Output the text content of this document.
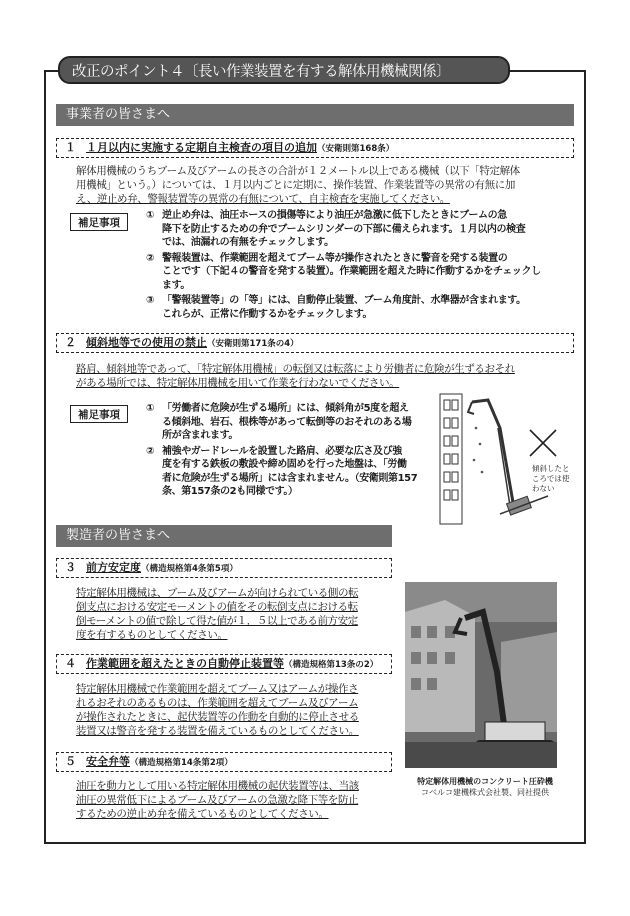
改正のポイント４〔長い作業装置を有する解体用機械関係〕
事業者の皆さまへ
１ １月以内に実施する定期自主検査の項目の追加（安衛則第168条）
解体用機械のうちブーム及びアームの長さの合計が１２メートル以上である機械（以下「特定解体
用機械」という。）については、１月以内ごとに定期に、操作装置、作業装置等の異常の有無に加
え、逆止め弁、警報装置等の異常の有無について、自主検査を実施してください。
補足事項
① 逆止め弁は、油圧ホースの損傷等により油圧が急激に低下したときにブームの急
降下を防止するための弁でブームシリンダーの下部に備えられます。１月以内の検査
では、油漏れの有無をチェックします。
② 警報装置は、作業範囲を超えてブーム等が操作されたときに警音を発する装置の
ことです（下記４の警音を発する装置）。作業範囲を超えた時に作動するかをチェックし
ます。
③ 「警報装置等」の「等」には、自動停止装置、ブーム角度計、水準器が含まれます。
これらが、正常に作動するかをチェックします。
２ 傾斜地等での使用の禁止（安衛則第171条の4）
路肩、傾斜地等であって、「特定解体用機械」の転倒又は転落により労働者に危険が生ずるおそれ
がある場所では、特定解体用機械を用いて作業を行わないでください。
補足事項
① 「労働者に危険が生ずる場所」には、傾斜角が5度を超え
る傾斜地、岩石、根株等があって転倒等のおそれのある場
所が含まれます。
② 補強やガードレールを設置した路肩、必要な広さ及び強
度を有する鉄板の敷設や締め固めを行った地盤は、「労働
者に危険が生ずる場所」には含まれません。（安衛則第157
条、第157条の2も同様です。）
傾斜したと
ころでは使
わない
製造者の皆さまへ
３ 前方安定度（構造規格第4条第5項）
特定解体用機械は、ブーム及びアームが向けられている側の転
倒支点における安定モーメントの値をその転倒支点における転
倒モーメントの値で除して得た値が１．５以上である前方安定
度を有するものとしてください。
４ 作業範囲を超えたときの自動停止装置等（構造規格第13条の2）
特定解体用機械で作業範囲を超えてブーム又はアームが操作さ
れるおそれのあるものは、作業範囲を超えてブーム及びアーム
が操作されたときに、起伏装置等の作動を自動的に停止させる
装置又は警音を発する装置を備えているものとしてください。
５ 安全弁等（構造規格第14条第2項）
油圧を動力として用いる特定解体用機械の起伏装置等は、当該
油圧の異常低下によるブーム及びアームの急激な降下等を防止
するための逆止め弁を備えているものとしてください。
特定解体用機械のコンクリート圧砕機
コベルコ建機株式会社製、同社提供
